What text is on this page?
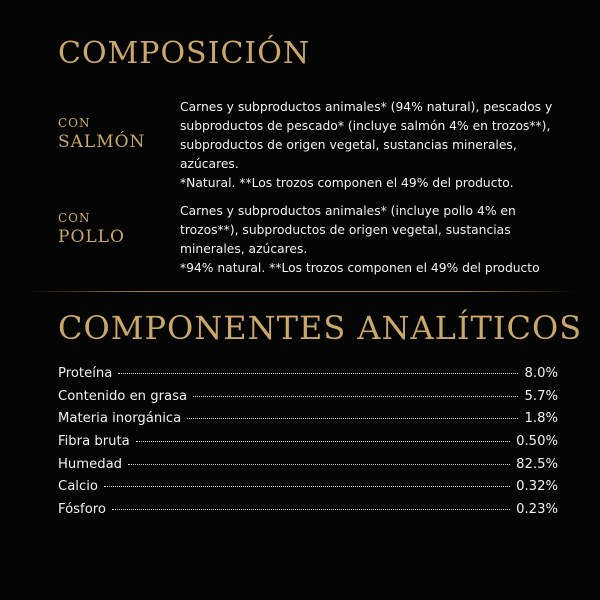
COMPOSICIÓN
CON
SALMÓN

Carnes y subproductos animales* (94% natural), pescados y subproductos de pescado* (incluye salmón 4% en trozos**), subproductos de origen vegetal, sustancias minerales, azúcares.

*Natural. **Los trozos componen el 49% del producto.

CON
POLLO

Carnes y subproductos animales* (incluye pollo 4% en trozos**), subproductos de origen vegetal, sustancias minerales, azúcares.

*94% natural. **Los trozos componen el 49% del producto

COMPONENTES ANALÍTICOS
Proteína	8.0%
Contenido en grasa	5.7%
Materia inorgánica	1.8%
Fibra bruta	0.50%
Humedad	82.5%
Calcio	0.32%
Fósforo	0.23%
